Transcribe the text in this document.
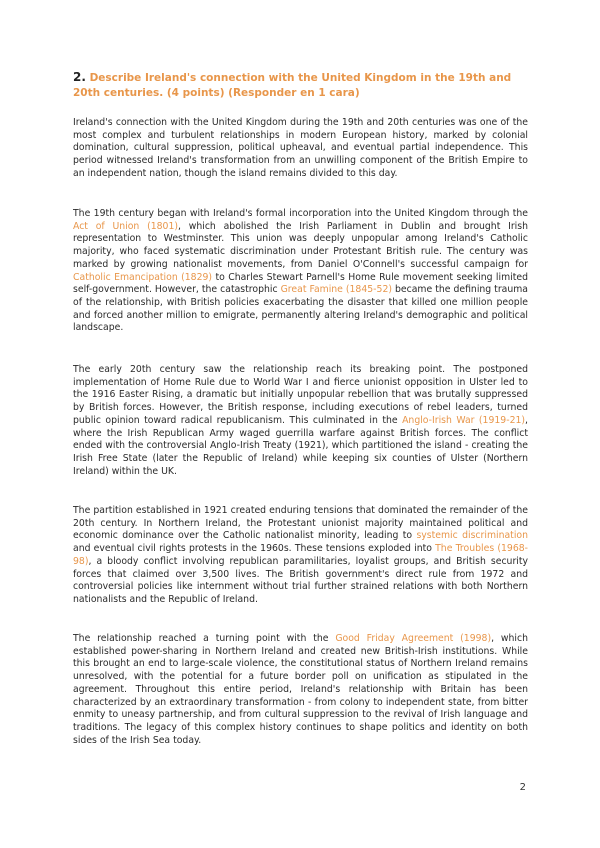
2. Describe Ireland's connection with the United Kingdom in the 19th and 20th centuries. (4 points) (Responder en 1 cara)

Ireland's connection with the United Kingdom during the 19th and 20th centuries was one of the most complex and turbulent relationships in modern European history, marked by colonial domination, cultural suppression, political upheaval, and eventual partial independence. This period witnessed Ireland's transformation from an unwilling component of the British Empire to an independent nation, though the island remains divided to this day.

The 19th century began with Ireland's formal incorporation into the United Kingdom through the Act of Union (1801), which abolished the Irish Parliament in Dublin and brought Irish representation to Westminster. This union was deeply unpopular among Ireland's Catholic majority, who faced systematic discrimination under Protestant British rule. The century was marked by growing nationalist movements, from Daniel O'Connell's successful campaign for Catholic Emancipation (1829) to Charles Stewart Parnell's Home Rule movement seeking limited self-government. However, the catastrophic Great Famine (1845-52) became the defining trauma of the relationship, with British policies exacerbating the disaster that killed one million people and forced another million to emigrate, permanently altering Ireland's demographic and political landscape.

The early 20th century saw the relationship reach its breaking point. The postponed implementation of Home Rule due to World War I and fierce unionist opposition in Ulster led to the 1916 Easter Rising, a dramatic but initially unpopular rebellion that was brutally suppressed by British forces. However, the British response, including executions of rebel leaders, turned public opinion toward radical republicanism. This culminated in the Anglo-Irish War (1919-21), where the Irish Republican Army waged guerrilla warfare against British forces. The conflict ended with the controversial Anglo-Irish Treaty (1921), which partitioned the island - creating the Irish Free State (later the Republic of Ireland) while keeping six counties of Ulster (Northern Ireland) within the UK.

The partition established in 1921 created enduring tensions that dominated the remainder of the 20th century. In Northern Ireland, the Protestant unionist majority maintained political and economic dominance over the Catholic nationalist minority, leading to systemic discrimination and eventual civil rights protests in the 1960s. These tensions exploded into The Troubles (1968-98), a bloody conflict involving republican paramilitaries, loyalist groups, and British security forces that claimed over 3,500 lives. The British government's direct rule from 1972 and controversial policies like internment without trial further strained relations with both Northern nationalists and the Republic of Ireland.

The relationship reached a turning point with the Good Friday Agreement (1998), which established power-sharing in Northern Ireland and created new British-Irish institutions. While this brought an end to large-scale violence, the constitutional status of Northern Ireland remains unresolved, with the potential for a future border poll on unification as stipulated in the agreement. Throughout this entire period, Ireland's relationship with Britain has been characterized by an extraordinary transformation - from colony to independent state, from bitter enmity to uneasy partnership, and from cultural suppression to the revival of Irish language and traditions. The legacy of this complex history continues to shape politics and identity on both sides of the Irish Sea today.

2
